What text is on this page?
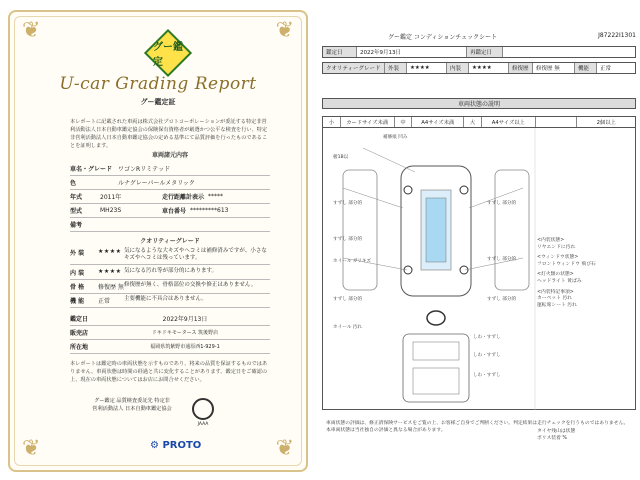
❦	❦
❦	❦
グー鑑定
U-car Grading Report
グー鑑定証
本レポートに記載された車両は株式会社プロトコーポレーションが委託する特定非営利活動法人日本自動車鑑定協会の保険保有資格者が厳選かつ公平な検査を行い、特定非営利活動法人日本自動車鑑定協会の定める基準にて品質評価を行ったものであることを証明します。
車両諸元内容
車名・グレード ワゴンRリミテッド
色	ルナグレーパールメタリック
年式	2011年	走行距離計表示 *****
型式	MH23S	車台番号 *********613
備考
クオリティーグレード
外 装	★★★★ 気になるような大キズやヘコミは補修済みですが、小さなキズやヘコミは残っています。
内 装	★★★★ 気になる汚れ等が部分的にあります。
骨 格	修復歴 無 修復歴が無く、骨格部位の交換や修正はありません。
機 能	正常	主要機能に不具合はありません。
鑑定日	2022年9月13日
販売店	ドキドキモータース 筑後野店
所在地	福岡県筑紫野市通原西1-929-1
本レポートは鑑定時の車両状態を示すものであり、将来の品質を保証するものではありません。車両状態は時間の経過と共に変化することがあります。鑑定日をご確認の上、現在の車両状態についてはお店にお問合せください。
グー鑑定 品質検査委託先 特定非営利活動法人 日本自動車鑑定協会
JAAA
⚙ PROTO
グー鑑定 コンディションチェックシート	J87222I1301
鑑定日	2022年9月13日	再鑑定日
クオリティーグレード	外装	★★★★	内装	★★★★	修復歴	修復歴 無	機能	正常
車両状態の説明
小	カードサイズ未満	中	A4サイズ未満	大	A4サイズ以上	2個以上
補修痕 凹み
板1B以
すずし 部分的	すずし 部分的
すずし 部分的
ホイール ガリキズ	すずし 部分的
すずし 部分的
ホイール 汚れ
すずし 部分的
しわ・すずし
しわ・すずし
しわ・すずし
<内装状態>
リヤエンドに汚れ
<ウィンドウ状態>
フロントウィンドウ 飛び石
<灯火類の状態>
ヘッドライト 黄ばみ
<内装特記事項>
カーペット 汚れ
運転席シート 汚れ
タイヤ残山は状態
ポリス装着 %
車両状態の評価は、修正済保険サービスをご覧の上、お客様ご自身でご判断ください。判定結果は走行チェックを行うものではありません。本車両状態は当社独自の評価と異なる場合があります。
